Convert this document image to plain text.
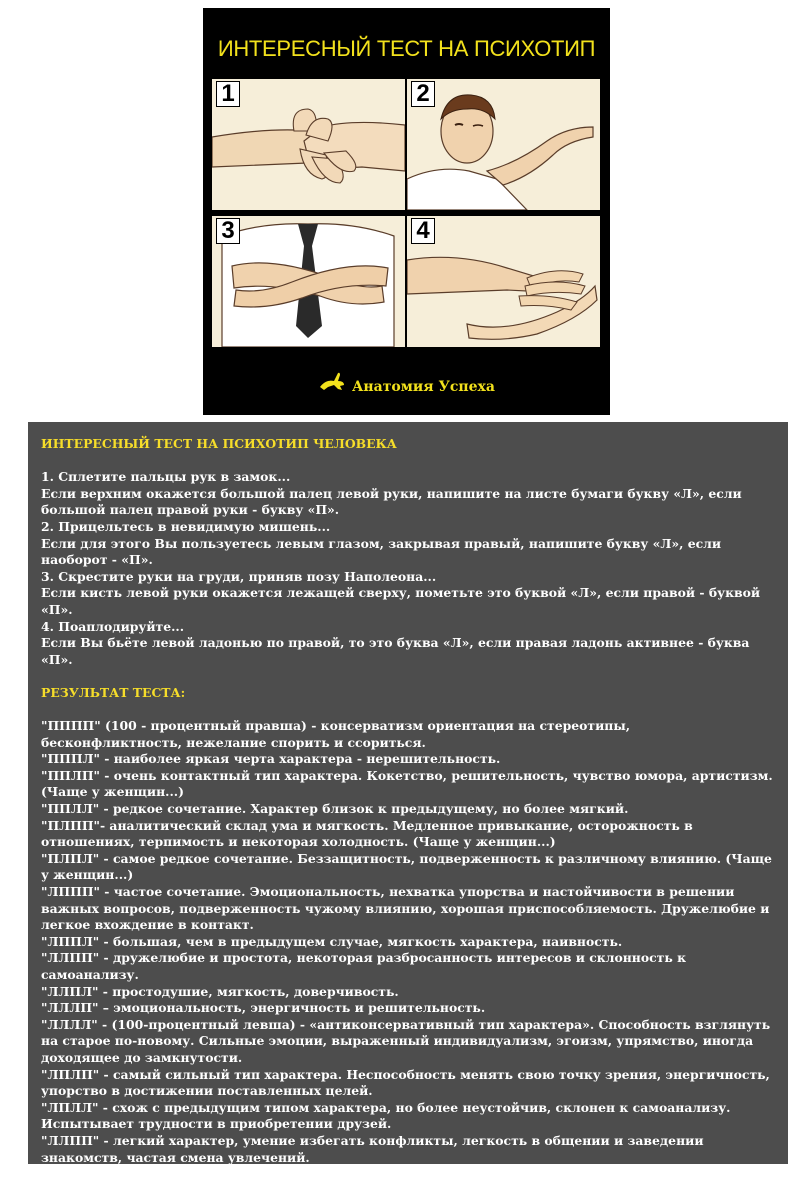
ИНТЕРЕСНЫЙ ТЕСТ НА ПСИХОТИП
1	2
3	4
Анатомия Успеха
ИНТЕРЕСНЫЙ ТЕСТ НА ПСИХОТИП ЧЕЛОВЕКА
1. Сплетите пальцы рук в замок...
Если верхним окажется большой палец левой руки, напишите на листе бумаги букву «Л», если большой палец правой руки - букву «П».
2. Прицельтесь в невидимую мишень...
Если для этого Вы пользуетесь левым глазом, закрывая правый, напишите букву «Л», если наоборот - «П».
3. Скрестите руки на груди, приняв позу Наполеона...
Если кисть левой руки окажется лежащей сверху, пометьте это буквой «Л», если правой - буквой «П».
4. Поаплодируйте...
Если Вы бьёте левой ладонью по правой, то это буква «Л», если правая ладонь активнее - буква «П».
РЕЗУЛЬТАТ ТЕСТА:
"ПППП" (100 - процентный правша) - консерватизм ориентация на стереотипы, бесконфликтность, нежелание спорить и ссориться.
"ПППЛ" - наиболее яркая черта характера - нерешительность.
"ППЛП" - очень контактный тип характера. Кокетство, решительность, чувство юмора, артистизм. (Чаще у женщин...)
"ППЛЛ" - редкое сочетание. Характер близок к предыдущему, но более мягкий.
"ПЛПП"- аналитический склад ума и мягкость. Медленное привыкание, осторожность в отношениях, терпимость и некоторая холодность. (Чаще у женщин...)
"ПЛПЛ" - самое редкое сочетание. Беззащитность, подверженность к различному влиянию. (Чаще у женщин...)
"ЛППП" - частое сочетание. Эмоциональность, нехватка упорства и настойчивости в решении важных вопросов, подверженность чужому влиянию, хорошая приспособляемость. Дружелюбие и легкое вхождение в контакт.
"ЛППЛ" - большая, чем в предыдущем случае, мягкость характера, наивность.
"ЛЛПП" - дружелюбие и простота, некоторая разбросанность интересов и склонность к самоанализу.
"ЛЛПЛ" - простодушие, мягкость, доверчивость.
"ЛЛЛП" – эмоциональность, энергичность и решительность.
"ЛЛЛЛ" - (100-процентный левша) - «антиконсервативный тип характера». Способность взглянуть на старое по-новому. Сильные эмоции, выраженный индивидуализм, эгоизм, упрямство, иногда доходящее до замкнутости.
"ЛПЛП" - самый сильный тип характера. Неспособность менять свою точку зрения, энергичность, упорство в достижении поставленных целей.
"ЛПЛЛ" - схож с предыдущим типом характера, но более неустойчив, склонен к самоанализу. Испытывает трудности в приобретении друзей.
"ЛЛПП" - легкий характер, умение избегать конфликты, легкость в общении и заведении знакомств, частая смена увлечений.
"ПЛЛЛ" - непостоянство и независимость, желание все сделать самому.
